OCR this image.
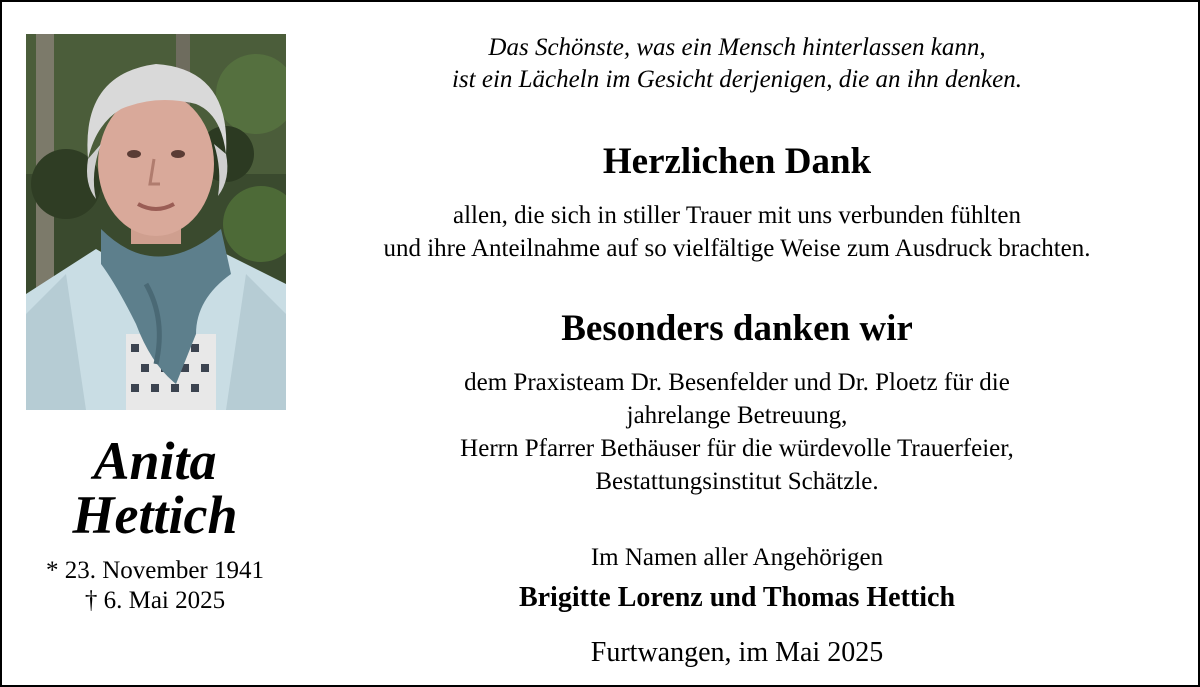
Anita
Hettich
* 23. November 1941
† 6. Mai 2025
Das Schönste, was ein Mensch hinterlassen kann,
ist ein Lächeln im Gesicht derjenigen, die an ihn denken.
Herzlichen Dank
allen, die sich in stiller Trauer mit uns verbunden fühlten
und ihre Anteilnahme auf so vielfältige Weise zum Ausdruck brachten.
Besonders danken wir
dem Praxisteam Dr. Besenfelder und Dr. Ploetz für die
jahrelange Betreuung,
Herrn Pfarrer Bethäuser für die würdevolle Trauerfeier,
Bestattungsinstitut Schätzle.
Im Namen aller Angehörigen
Brigitte Lorenz und Thomas Hettich
Furtwangen, im Mai 2025
